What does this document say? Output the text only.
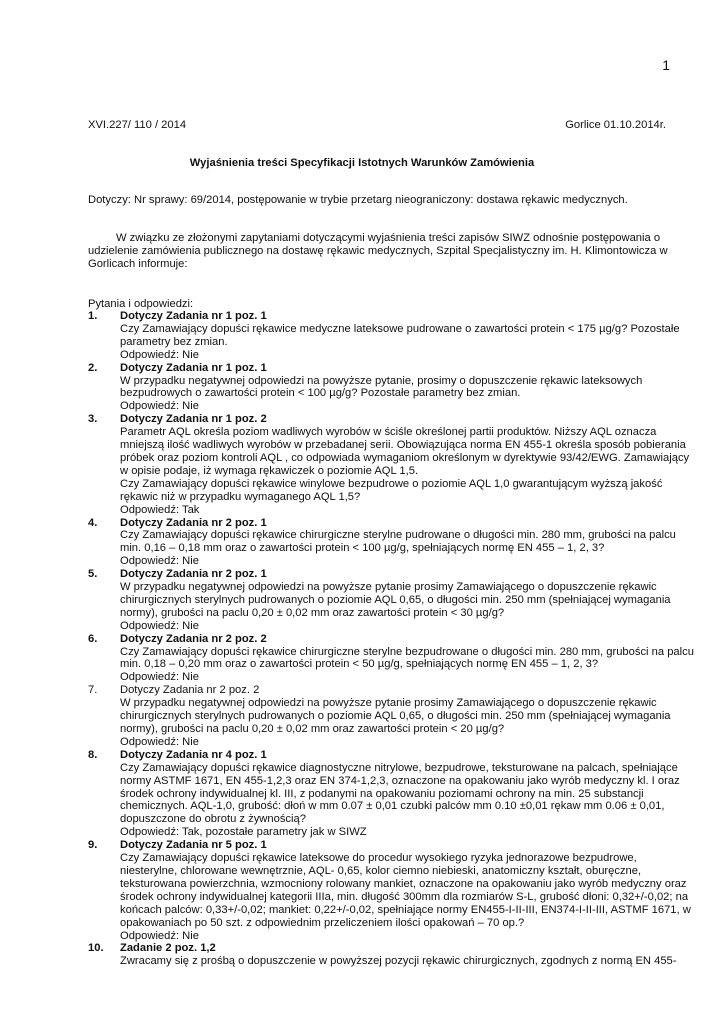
1
XVI.227/ 110 / 2014	Gorlice 01.10.2014r.
Wyjaśnienia treści Specyfikacji Istotnych Warunków Zamówienia
Dotyczy: Nr sprawy: 69/2014, postępowanie w trybie przetarg nieograniczony: dostawa rękawic medycznych.
W związku ze złożonymi zapytaniami dotyczącymi wyjaśnienia treści zapisów SIWZ odnośnie postępowania o
udzielenie zamówienia publicznego na dostawę rękawic medycznych, Szpital Specjalistyczny im. H. Klimontowicza w
Gorlicach informuje:
Pytania i odpowiedzi:
1. Dotyczy Zadania nr 1 poz. 1
Czy Zamawiający dopuści rękawice medyczne lateksowe pudrowane o zawartości protein < 175 µg/g? Pozostałe
parametry bez zmian.
Odpowiedź: Nie
2. Dotyczy Zadania nr 1 poz. 1
W przypadku negatywnej odpowiedzi na powyższe pytanie, prosimy o dopuszczenie rękawic lateksowych
bezpudrowych o zawartości protein < 100 µg/g? Pozostałe parametry bez zmian.
Odpowiedź: Nie
3. Dotyczy Zadania nr 1 poz. 2
Parametr AQL określa poziom wadliwych wyrobów w ściśle określonej partii produktów. Niższy AQL oznacza
mniejszą ilość wadliwych wyrobów w przebadanej serii. Obowiązująca norma EN 455-1 określa sposób pobierania
próbek oraz poziom kontroli AQL , co odpowiada wymaganiom określonym w dyrektywie 93/42/EWG. Zamawiający
w opisie podaje, iż wymaga rękawiczek o poziomie AQL 1,5.
Czy Zamawiający dopuści rękawice winylowe bezpudrowe o poziomie AQL 1,0 gwarantującym wyższą jakość
rękawic niż w przypadku wymaganego AQL 1,5?
Odpowiedź: Tak
4. Dotyczy Zadania nr 2 poz. 1
Czy Zamawiający dopuści rękawice chirurgiczne sterylne pudrowane o długości min. 280 mm, grubości na palcu
min. 0,16 – 0,18 mm oraz o zawartości protein < 100 µg/g, spełniających normę EN 455 – 1, 2, 3?
Odpowiedź: Nie
5. Dotyczy Zadania nr 2 poz. 1
W przypadku negatywnej odpowiedzi na powyższe pytanie prosimy Zamawiającego o dopuszczenie rękawic
chirurgicznych sterylnych pudrowanych o poziomie AQL 0,65, o długości min. 250 mm (spełniającej wymagania
normy), grubości na paclu 0,20 ± 0,02 mm oraz zawartości protein < 30 µg/g?
Odpowiedź: Nie
6. Dotyczy Zadania nr 2 poz. 2
Czy Zamawiający dopuści rękawice chirurgiczne sterylne bezpudrowane o długości min. 280 mm, grubości na palcu
min. 0,18 – 0,20 mm oraz o zawartości protein < 50 µg/g, spełniających normę EN 455 – 1, 2, 3?
Odpowiedź: Nie
7. Dotyczy Zadania nr 2 poz. 2
W przypadku negatywnej odpowiedzi na powyższe pytanie prosimy Zamawiającego o dopuszczenie rękawic
chirurgicznych sterylnych pudrowanych o poziomie AQL 0,65, o długości min. 250 mm (spełniającej wymagania
normy), grubości na paclu 0,20 ± 0,02 mm oraz zawartości protein < 20 µg/g?
Odpowiedź: Nie
8. Dotyczy Zadania nr 4 poz. 1
Czy Zamawiający dopuści rękawice diagnostyczne nitrylowe, bezpudrowe, teksturowane na palcach, spełniające
normy ASTMF 1671, EN 455-1,2,3 oraz EN 374-1,2,3, oznaczone na opakowaniu jako wyrób medyczny kl. I oraz
środek ochrony indywidualnej kl. III, z podanymi na opakowaniu poziomami ochrony na min. 25 substancji
chemicznych. AQL-1,0, grubość: dłoń w mm 0.07 ± 0,01 czubki palców mm 0.10 ±0,01 rękaw mm 0.06 ± 0,01,
dopuszczone do obrotu z żywnością?
Odpowiedź: Tak, pozostałe parametry jak w SIWZ
9. Dotyczy Zadania nr 5 poz. 1
Czy Zamawiający dopuści rękawice lateksowe do procedur wysokiego ryzyka jednorazowe bezpudrowe,
niesterylne, chlorowane wewnętrznie, AQL- 0,65, kolor ciemno niebieski, anatomiczny kształt, oburęczne,
teksturowana powierzchnia, wzmocniony rolowany mankiet, oznaczone na opakowaniu jako wyrób medyczny oraz
środek ochrony indywidualnej kategorii IIIa, min. długość 300mm dla rozmiarów S-L, grubość dłoni: 0,32+/-0,02; na
końcach palców: 0,33+/-0,02; mankiet: 0,22+/-0,02, spełniające normy EN455-I-II-III, EN374-I-II-III, ASTMF 1671, w
opakowaniach po 50 szt. z odpowiednim przeliczeniem ilości opakowań – 70 op.?
Odpowiedź: Nie
10. Zadanie 2 poz. 1,2
Zwracamy się z prośbą o dopuszczenie w powyższej pozycji rękawic chirurgicznych, zgodnych z normą EN 455-
